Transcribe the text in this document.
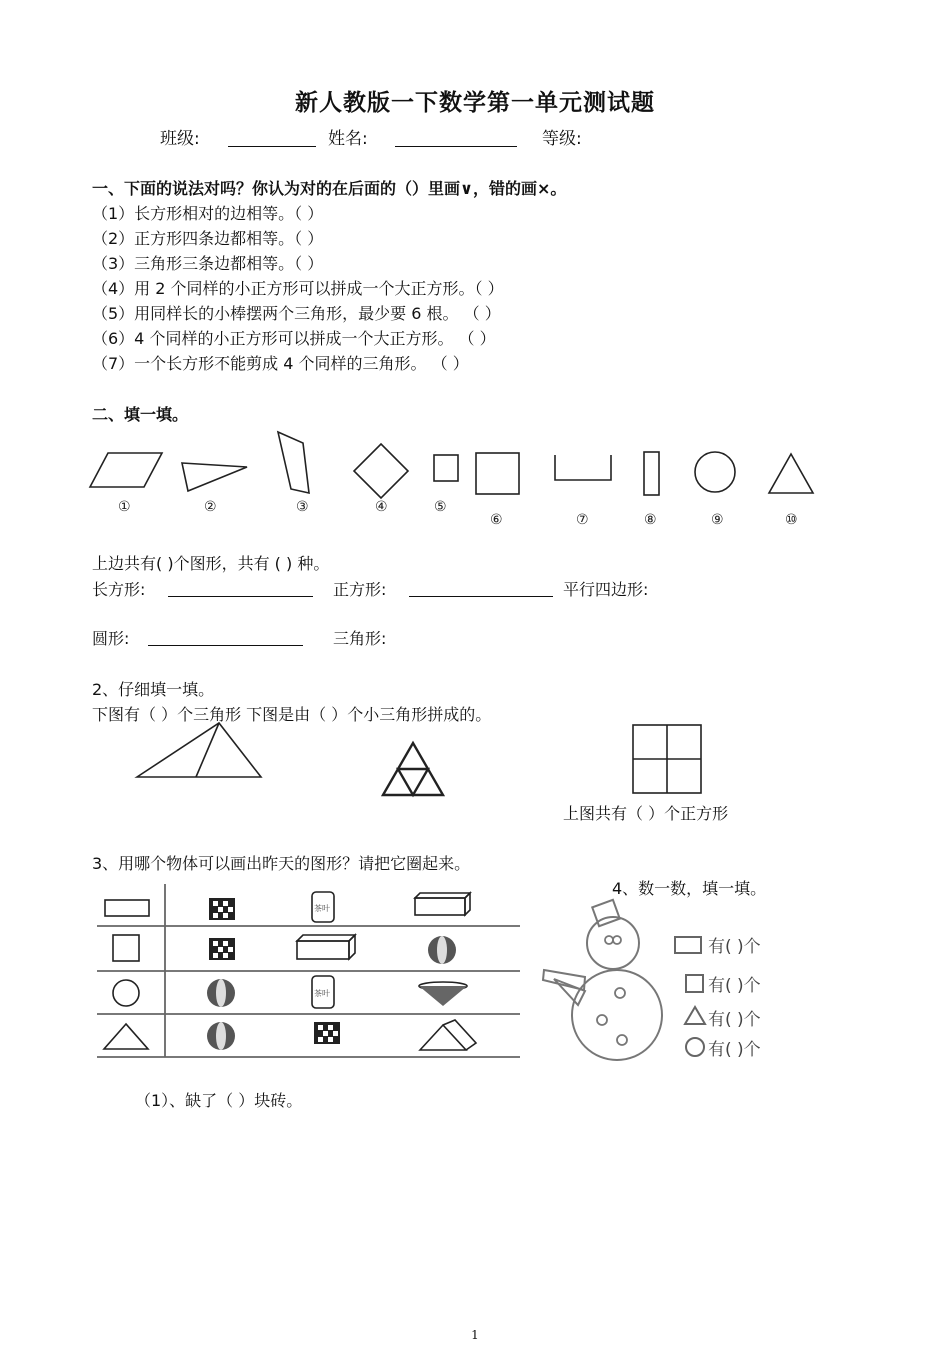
新人教版一下数学第一单元测试题
班级:	姓名:	等级:
一、下面的说法对吗？你认为对的在后面的（）里画∨，错的画×。
（1）长方形相对的边相等。（ ）
（2）正方形四条边都相等。（ ）
（3）三角形三条边都相等。（ ）
（4）用 2 个同样的小正方形可以拼成一个大正方形。（ ）
（5）用同样长的小棒摆两个三角形，最少要 6 根。 （ ）
（6）4 个同样的小正方形可以拼成一个大正方形。 （ ）
（7）一个长方形不能剪成 4 个同样的三角形。 （ ）
二、填一填。
①	②	③	④	⑤
⑥	⑦	⑧	⑨	⑩
上边共有( )个图形，共有 ( ) 种。
长方形:	正方形:	平行四边形:
圆形:	三角形:
2、仔细填一填。
下图有（ ）个三角形 下图是由（ ）个小三角形拼成的。
上图共有（ ）个正方形
3、用哪个物体可以画出昨天的图形？请把它圈起来。
4、数一数，填一填。
茶叶
茶叶
有( )个
有( )个
有( )个
有( )个
（1）、缺了（ ）块砖。
1
